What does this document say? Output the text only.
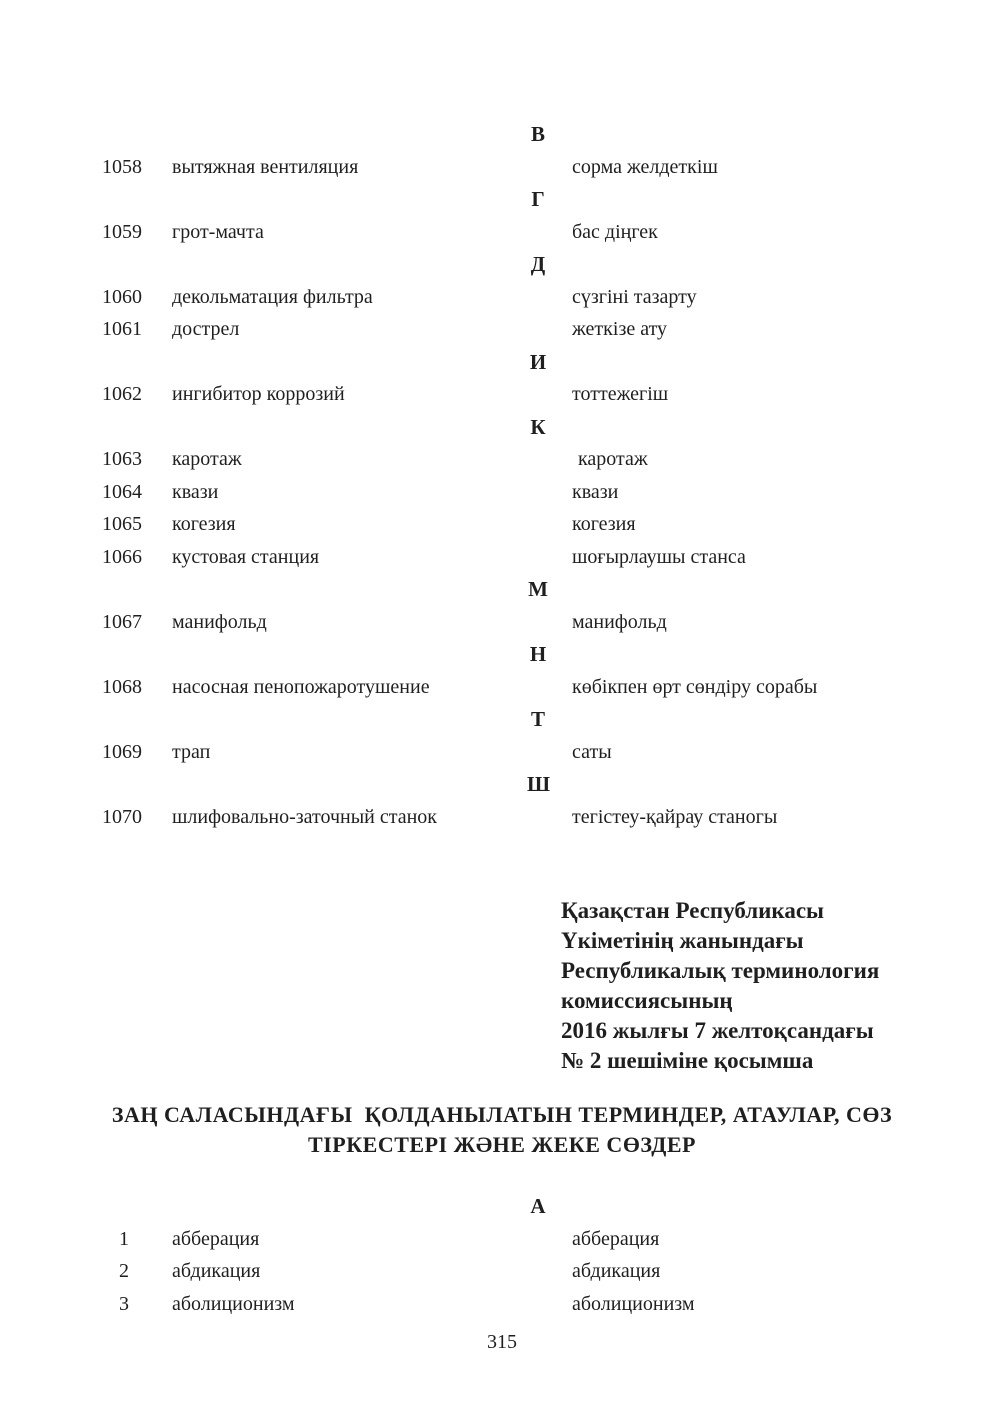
В
1058 вытяжная вентиляция	сорма желдеткіш
Г
1059 грот-мачта	бас діңгек
Д
1060 декольматация фильтра	сүзгіні тазарту
1061 дострел	жеткізе ату
И
1062 ингибитор коррозий	тоттежегіш
К
1063 каротаж	каротаж
1064 квази	квази
1065 когезия	когезия
1066 кустовая станция	шоғырлаушы станса
М
1067 манифольд	манифольд
Н
1068 насосная пенопожаротушение	көбікпен өрт сөндіру сорабы
Т
1069 трап	саты
Ш
1070 шлифовально-заточный станок	тегістеу-қайрау станогы
Қазақстан Республикасы
Үкіметінің жанындағы
Республикалық терминология
комиссиясының
2016 жылғы 7 желтоқсандағы
№ 2 шешіміне қосымша
ЗАҢ САЛАСЫНДАҒЫ  ҚОЛДАНЫЛАТЫН ТЕРМИНДЕР, АТАУЛАР, СӨЗ
ТІРКЕСТЕРІ ЖӘНЕ ЖЕКЕ СӨЗДЕР
А
1 абберация	абберация
2 абдикация	абдикация
3 аболиционизм	аболиционизм
315
